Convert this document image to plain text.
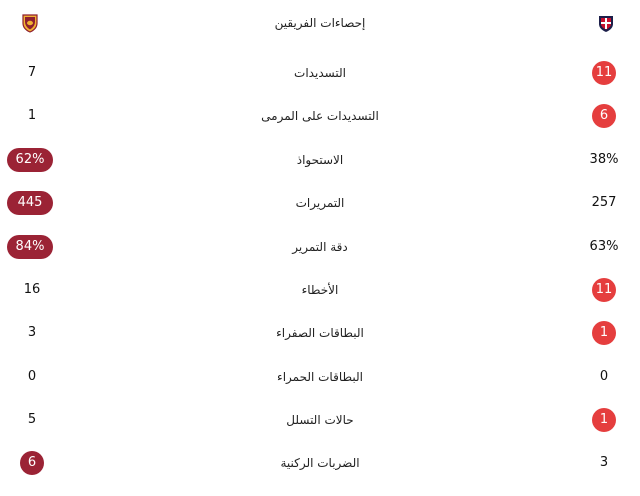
إحصاءات الفريقين
7	التسديدات	11
1	التسديدات على المرمى	6
62%	الاستحواذ	38%
445	التمريرات	257
84%	دقة التمرير	63%
16	الأخطاء	11
3	البطاقات الصفراء	1
0	البطاقات الحمراء	0
5	حالات التسلل	1
6	الضربات الركنية	3
